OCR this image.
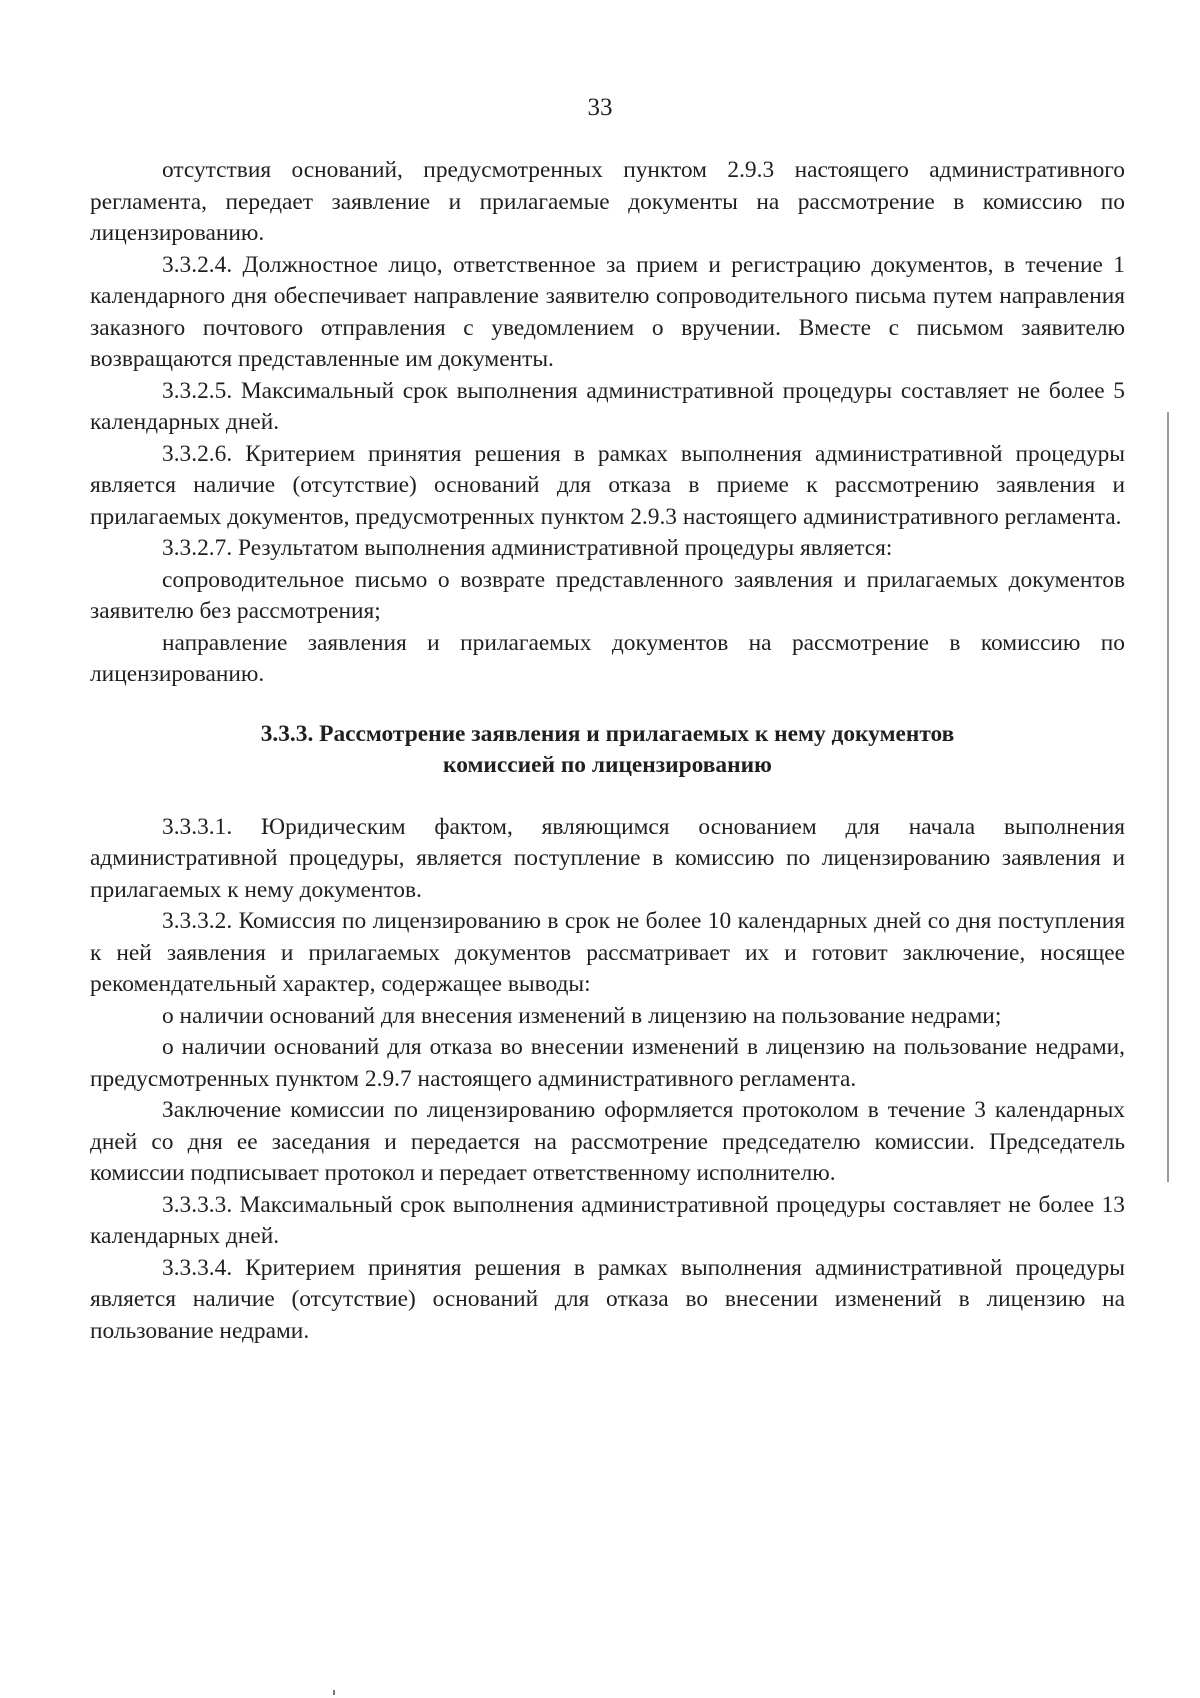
33

отсутствия оснований, предусмотренных пунктом 2.9.3 настоящего административного регламента, передает заявление и прилагаемые документы на рассмотрение в комиссию по лицензированию.

3.3.2.4. Должностное лицо, ответственное за прием и регистрацию документов, в течение 1 календарного дня обеспечивает направление заявителю сопроводительного письма путем направления заказного почтового отправления с уведомлением о вручении. Вместе с письмом заявителю возвращаются представленные им документы.

3.3.2.5. Максимальный срок выполнения административной процедуры составляет не более 5 календарных дней.

3.3.2.6. Критерием принятия решения в рамках выполнения административной процедуры является наличие (отсутствие) оснований для отказа в приеме к рассмотрению заявления и прилагаемых документов, предусмотренных пунктом 2.9.3 настоящего административного регламента.

3.3.2.7. Результатом выполнения административной процедуры является:

сопроводительное письмо о возврате представленного заявления и прилагаемых документов заявителю без рассмотрения;

направление заявления и прилагаемых документов на рассмотрение в комиссию по лицензированию.

3.3.3. Рассмотрение заявления и прилагаемых к нему документов
комиссией по лицензированию

3.3.3.1. Юридическим фактом, являющимся основанием для начала выполнения административной процедуры, является поступление в комиссию по лицензированию заявления и прилагаемых к нему документов.

3.3.3.2. Комиссия по лицензированию в срок не более 10 календарных дней со дня поступления к ней заявления и прилагаемых документов рассматривает их и готовит заключение, носящее рекомендательный характер, содержащее выводы:

о наличии оснований для внесения изменений в лицензию на пользование недрами;

о наличии оснований для отказа во внесении изменений в лицензию на пользование недрами, предусмотренных пунктом 2.9.7 настоящего административного регламента.

Заключение комиссии по лицензированию оформляется протоколом в течение 3 календарных дней со дня ее заседания и передается на рассмотрение председателю комиссии. Председатель комиссии подписывает протокол и передает ответственному исполнителю.

3.3.3.3. Максимальный срок выполнения административной процедуры составляет не более 13 календарных дней.

3.3.3.4. Критерием принятия решения в рамках выполнения административной процедуры является наличие (отсутствие) оснований для отказа во внесении изменений в лицензию на пользование недрами.
